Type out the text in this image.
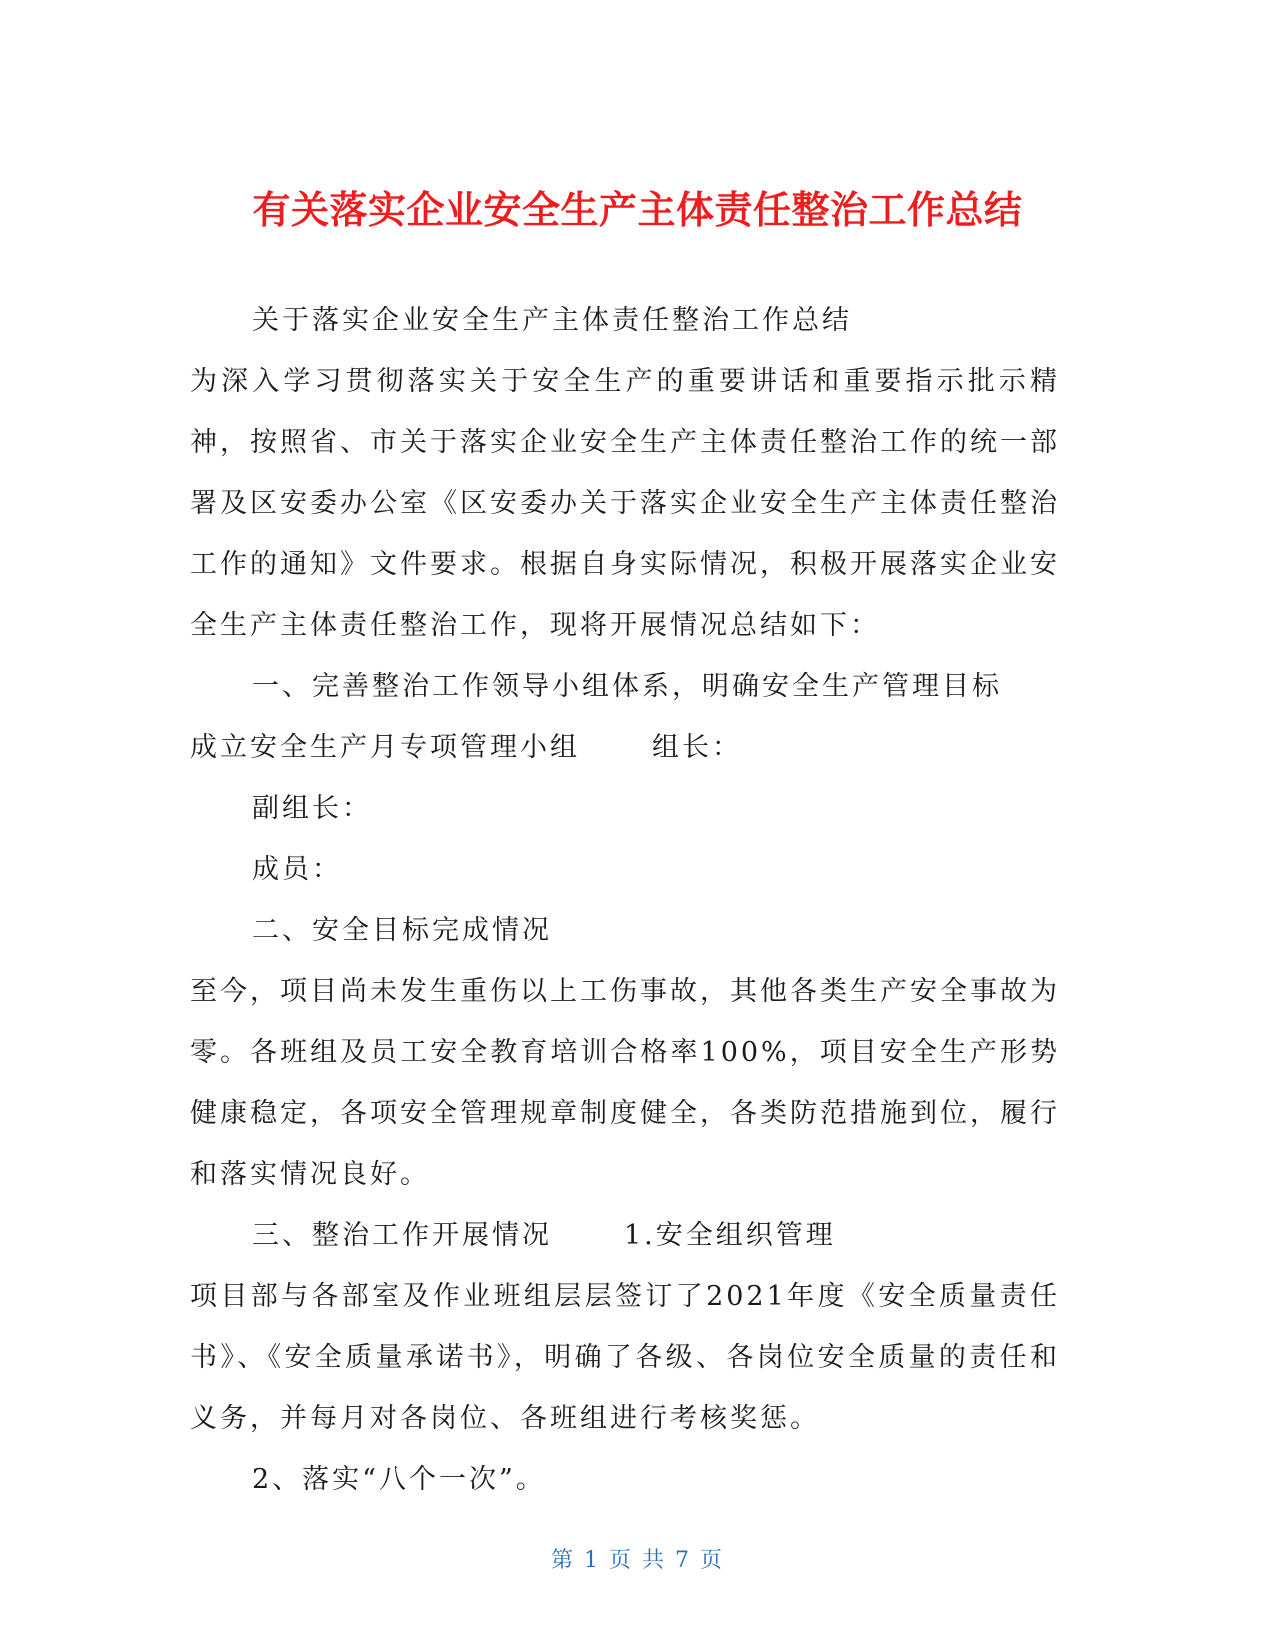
有关落实企业安全生产主体责任整治工作总结

关于落实企业安全生产主体责任整治工作总结

为深入学习贯彻落实关于安全生产的重要讲话和重要指示批示精神，按照省、市关于落实企业安全生产主体责任整治工作的统一部署及区安委办公室《区安委办关于落实企业安全生产主体责任整治工作的通知》文件要求。根据自身实际情况，积极开展落实企业安全生产主体责任整治工作，现将开展情况总结如下：

一、完善整治工作领导小组体系，明确安全生产管理目标

成立安全生产月专项管理小组	组长：

副组长：

成员：

二、安全目标完成情况

至今，项目尚未发生重伤以上工伤事故，其他各类生产安全事故为零。各班组及员工安全教育培训合格率100%，项目安全生产形势健康稳定，各项安全管理规章制度健全，各类防范措施到位，履行和落实情况良好。

三、整治工作开展情况	1.安全组织管理

项目部与各部室及作业班组层层签订了2021年度《安全质量责任书》、《安全质量承诺书》，明确了各级、各岗位安全质量的责任和义务，并每月对各岗位、各班组进行考核奖惩。

2、落实“八个一次”。

第 1 页 共 7 页
